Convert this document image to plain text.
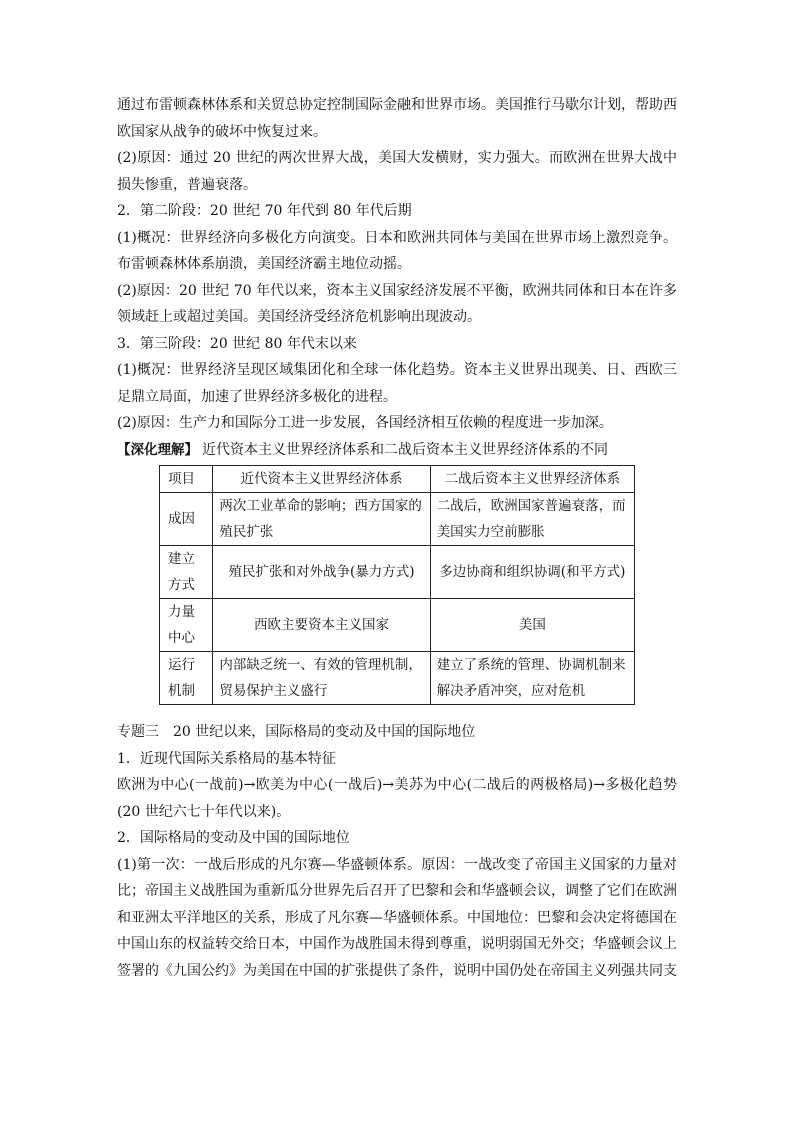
通过布雷顿森林体系和关贸总协定控制国际金融和世界市场。美国推行马歇尔计划，帮助西欧国家从战争的破坏中恢复过来。

(2)原因：通过 20 世纪的两次世界大战，美国大发横财，实力强大。而欧洲在世界大战中损失惨重，普遍衰落。

2．第二阶段：20 世纪 70 年代到 80 年代后期

(1)概况：世界经济向多极化方向演变。日本和欧洲共同体与美国在世界市场上激烈竞争。布雷顿森林体系崩溃，美国经济霸主地位动摇。

(2)原因：20 世纪 70 年代以来，资本主义国家经济发展不平衡，欧洲共同体和日本在许多领域赶上或超过美国。美国经济受经济危机影响出现波动。

3．第三阶段：20 世纪 80 年代末以来

(1)概况：世界经济呈现区域集团化和全球一体化趋势。资本主义世界出现美、日、西欧三足鼎立局面，加速了世界经济多极化的进程。

(2)原因：生产力和国际分工进一步发展，各国经济相互依赖的程度进一步加深。

【深化理解】 近代资本主义世界经济体系和二战后资本主义世界经济体系的不同

项目	近代资本主义世界经济体系	二战后资本主义世界经济体系
成因	两次工业革命的影响；西方国家的殖民扩张	二战后，欧洲国家普遍衰落，而美国实力空前膨胀
建立方式	殖民扩张和对外战争(暴力方式)	多边协商和组织协调(和平方式)
力量中心	西欧主要资本主义国家	美国
运行机制	内部缺乏统一、有效的管理机制，贸易保护主义盛行	建立了系统的管理、协调机制来解决矛盾冲突，应对危机

专题三　20 世纪以来，国际格局的变动及中国的国际地位

1．近现代国际关系格局的基本特征

欧洲为中心(一战前)→欧美为中心(一战后)→美苏为中心(二战后的两极格局)→多极化趋势(20 世纪六七十年代以来)。

2．国际格局的变动及中国的国际地位

(1)第一次：一战后形成的凡尔赛—华盛顿体系。原因：一战改变了帝国主义国家的力量对比；帝国主义战胜国为重新瓜分世界先后召开了巴黎和会和华盛顿会议，调整了它们在欧洲和亚洲太平洋地区的关系，形成了凡尔赛—华盛顿体系。中国地位：巴黎和会决定将德国在中国山东的权益转交给日本，中国作为战胜国未得到尊重，说明弱国无外交；华盛顿会议上签署的《九国公约》为美国在中国的扩张提供了条件，说明中国仍处在帝国主义列强共同支
